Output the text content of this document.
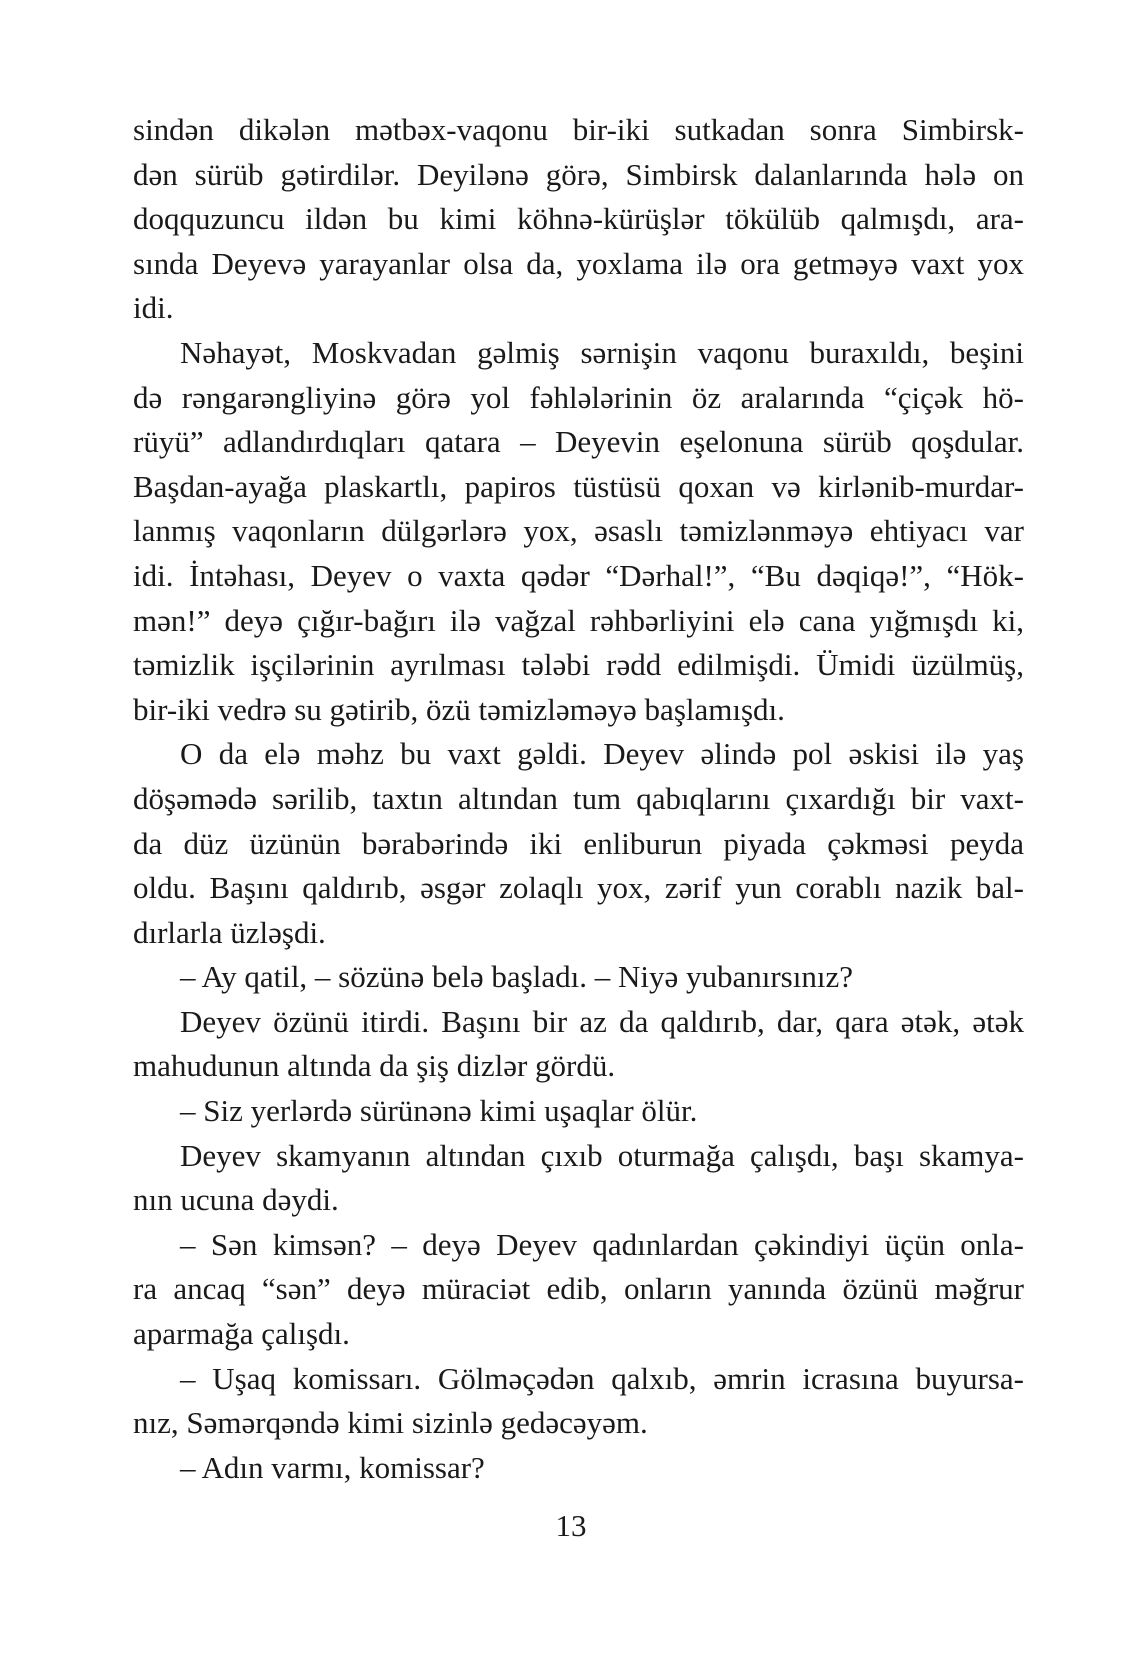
sindən dikələn mətbəx-vaqonu bir-iki sutkadan sonra Simbirsk-
dən sürüb gətirdilər. Deyilənə görə, Simbirsk dalanlarında hələ on
doqquzuncu ildən bu kimi köhnə-kürüşlər tökülüb qalmışdı, ara-
sında Deyevə yarayanlar olsa da, yoxlama ilə ora getməyə vaxt yox
idi.
Nəhayət, Moskvadan gəlmiş sərnişin vaqonu buraxıldı, beşini
də rəngarəngliyinə görə yol fəhlələrinin öz aralarında “çiçək hö-
rüyü” adlandırdıqları qatara – Deyevin eşelonuna sürüb qoşdular.
Başdan-ayağa plaskartlı, papiros tüstüsü qoxan və kirlənib-murdar-
lanmış vaqonların dülgərlərə yox, əsaslı təmizlənməyə ehtiyacı var
idi. İntəhası, Deyev o vaxta qədər “Dərhal!”, “Bu dəqiqə!”, “Hök-
mən!” deyə çığır-bağırı ilə vağzal rəhbərliyini elə cana yığmışdı ki,
təmizlik işçilərinin ayrılması tələbi rədd edilmişdi. Ümidi üzülmüş,
bir-iki vedrə su gətirib, özü təmizləməyə başlamışdı.
O da elə məhz bu vaxt gəldi. Deyev əlində pol əskisi ilə yaş
döşəmədə sərilib, taxtın altından tum qabıqlarını çıxardığı bir vaxt-
da düz üzünün bərabərində iki enliburun piyada çəkməsi peyda
oldu. Başını qaldırıb, əsgər zolaqlı yox, zərif yun corablı nazik bal-
dırlarla üzləşdi.
– Ay qatil, – sözünə belə başladı. – Niyə yubanırsınız?
Deyev özünü itirdi. Başını bir az da qaldırıb, dar, qara ətək, ətək
mahudunun altında da şiş dizlər gördü.
– Siz yerlərdə sürünənə kimi uşaqlar ölür.
Deyev skamyanın altından çıxıb oturmağa çalışdı, başı skamya-
nın ucuna dəydi.
– Sən kimsən? – deyə Deyev qadınlardan çəkindiyi üçün onla-
ra ancaq “sən” deyə müraciət edib, onların yanında özünü məğrur
aparmağa çalışdı.
– Uşaq komissarı. Gölməçədən qalxıb, əmrin icrasına buyursa-
nız, Səmərqəndə kimi sizinlə gedəcəyəm.
– Adın varmı, komissar?
13
